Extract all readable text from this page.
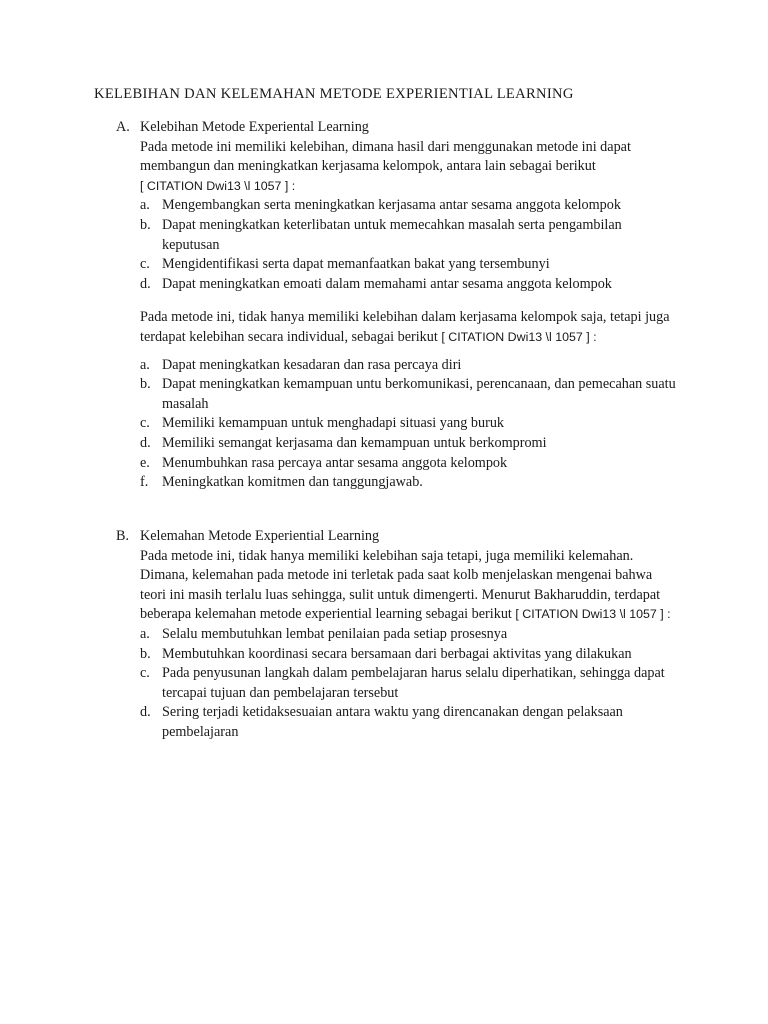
KELEBIHAN DAN KELEMAHAN METODE EXPERIENTIAL LEARNING

A. Kelebihan Metode Experiental Learning

Pada metode ini memiliki kelebihan, dimana hasil dari menggunakan metode ini dapat membangun dan meningkatkan kerjasama kelompok, antara lain sebagai berikut
[ CITATION Dwi13 \l 1057 ] :

a. Mengembangkan serta meningkatkan kerjasama antar sesama anggota kelompok
b. Dapat meningkatkan keterlibatan untuk memecahkan masalah serta pengambilan keputusan
c. Mengidentifikasi serta dapat memanfaatkan bakat yang tersembunyi
d. Dapat meningkatkan emoati dalam memahami antar sesama anggota kelompok

Pada metode ini, tidak hanya memiliki kelebihan dalam kerjasama kelompok saja, tetapi juga terdapat kelebihan secara individual, sebagai berikut [ CITATION Dwi13 \l 1057 ] :

a. Dapat meningkatkan kesadaran dan rasa percaya diri
b. Dapat meningkatkan kemampuan untu berkomunikasi, perencanaan, dan pemecahan suatu masalah
c. Memiliki kemampuan untuk menghadapi situasi yang buruk
d. Memiliki semangat kerjasama dan kemampuan untuk berkompromi
e. Menumbuhkan rasa percaya antar sesama anggota kelompok
f. Meningkatkan komitmen dan tanggungjawab.

B. Kelemahan Metode Experiential Learning

Pada metode ini, tidak hanya memiliki kelebihan saja tetapi, juga memiliki kelemahan. Dimana, kelemahan pada metode ini terletak pada saat kolb menjelaskan mengenai bahwa teori ini masih terlalu luas sehingga, sulit untuk dimengerti. Menurut Bakharuddin, terdapat beberapa kelemahan metode experiential learning sebagai berikut [ CITATION Dwi13 \l 1057 ] :

a. Selalu membutuhkan lembat penilaian pada setiap prosesnya
b. Membutuhkan koordinasi secara bersamaan dari berbagai aktivitas yang dilakukan
c. Pada penyusunan langkah dalam pembelajaran harus selalu diperhatikan, sehingga dapat tercapai tujuan dan pembelajaran tersebut
d. Sering terjadi ketidaksesuaian antara waktu yang direncanakan dengan pelaksaan pembelajaran
